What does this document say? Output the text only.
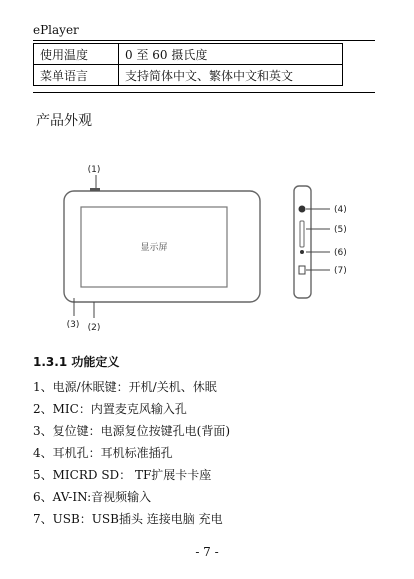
ePlayer
使用温度	0 至 60 摄氏度
菜单语言	支持简体中文、繁体中文和英文
产品外观
显示屏
(1)
(2)
(3)
(4)
(5)
(6)
(7)
1.3.1 功能定义
1、电源/休眠键：开机/关机、休眠
2、MIC：内置麦克风输入孔
3、复位键：电源复位按键孔电(背面)
4、耳机孔：耳机标准插孔
5、MICRD SD： TF扩展卡卡座
6、AV-IN:音视频输入
7、USB：USB插头 连接电脑 充电
- 7 -
